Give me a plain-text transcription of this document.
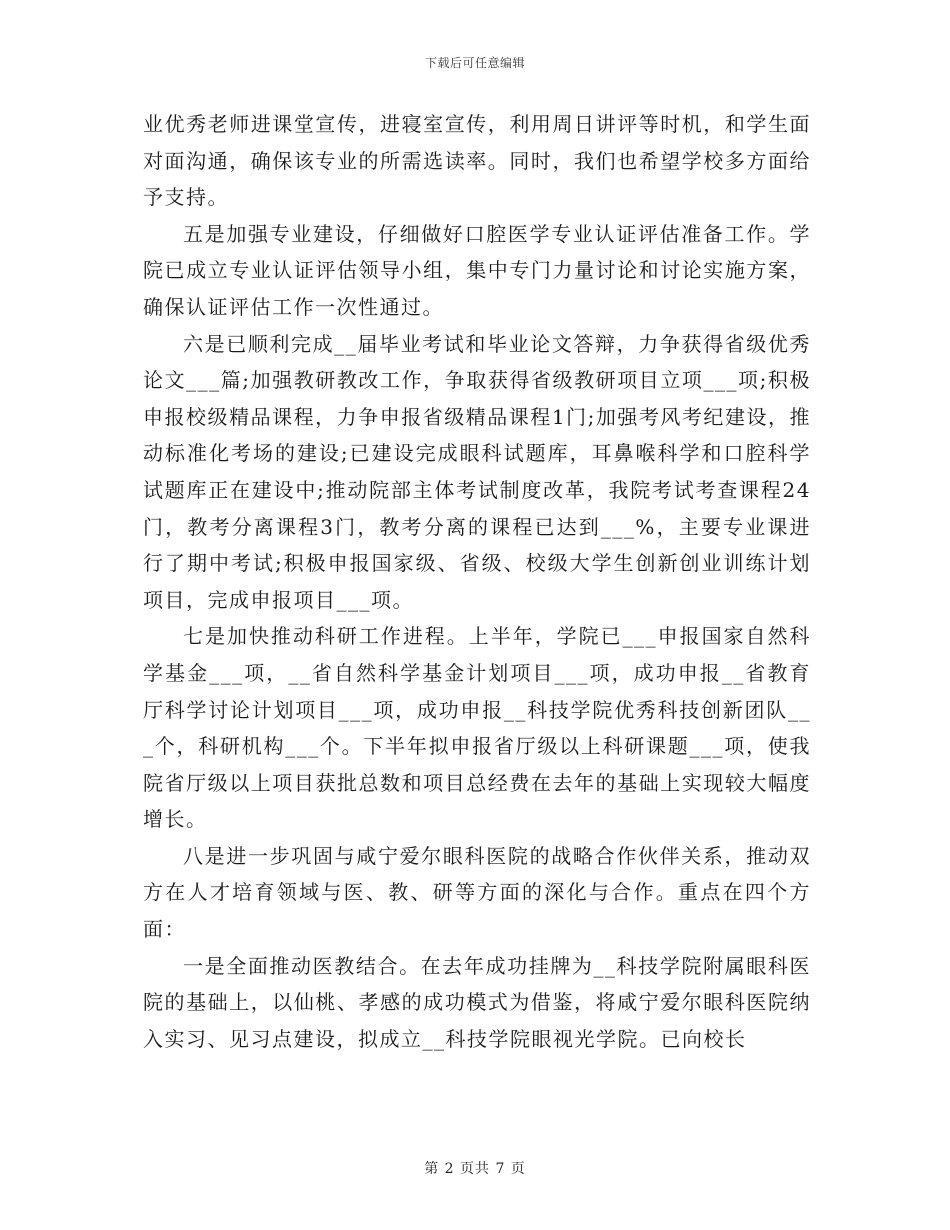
下载后可任意编辑

业优秀老师进课堂宣传，进寝室宣传，利用周日讲评等时机，和学生面对面沟通，确保该专业的所需选读率。同时，我们也希望学校多方面给予支持。

五是加强专业建设，仔细做好口腔医学专业认证评估准备工作。学院已成立专业认证评估领导小组，集中专门力量讨论和讨论实施方案，确保认证评估工作一次性通过。

六是已顺利完成__届毕业考试和毕业论文答辩，力争获得省级优秀论文___篇;加强教研教改工作，争取获得省级教研项目立项___项;积极申报校级精品课程，力争申报省级精品课程1门;加强考风考纪建设，推动标准化考场的建设;已建设完成眼科试题库，耳鼻喉科学和口腔科学试题库正在建设中;推动院部主体考试制度改革，我院考试考查课程24门，教考分离课程3门，教考分离的课程已达到___%，主要专业课进行了期中考试;积极申报国家级、省级、校级大学生创新创业训练计划项目，完成申报项目___项。

七是加快推动科研工作进程。上半年，学院已___申报国家自然科学基金___项，__省自然科学基金计划项目___项，成功申报__省教育厅科学讨论计划项目___项，成功申报__科技学院优秀科技创新团队___个，科研机构___个。下半年拟申报省厅级以上科研课题___项，使我院省厅级以上项目获批总数和项目总经费在去年的基础上实现较大幅度增长。

八是进一步巩固与咸宁爱尔眼科医院的战略合作伙伴关系，推动双方在人才培育领域与医、教、研等方面的深化与合作。重点在四个方面：

一是全面推动医教结合。在去年成功挂牌为__科技学院附属眼科医院的基础上，以仙桃、孝感的成功模式为借鉴，将咸宁爱尔眼科医院纳入实习、见习点建设，拟成立__科技学院眼视光学院。已向校长

第 2 页共 7 页
